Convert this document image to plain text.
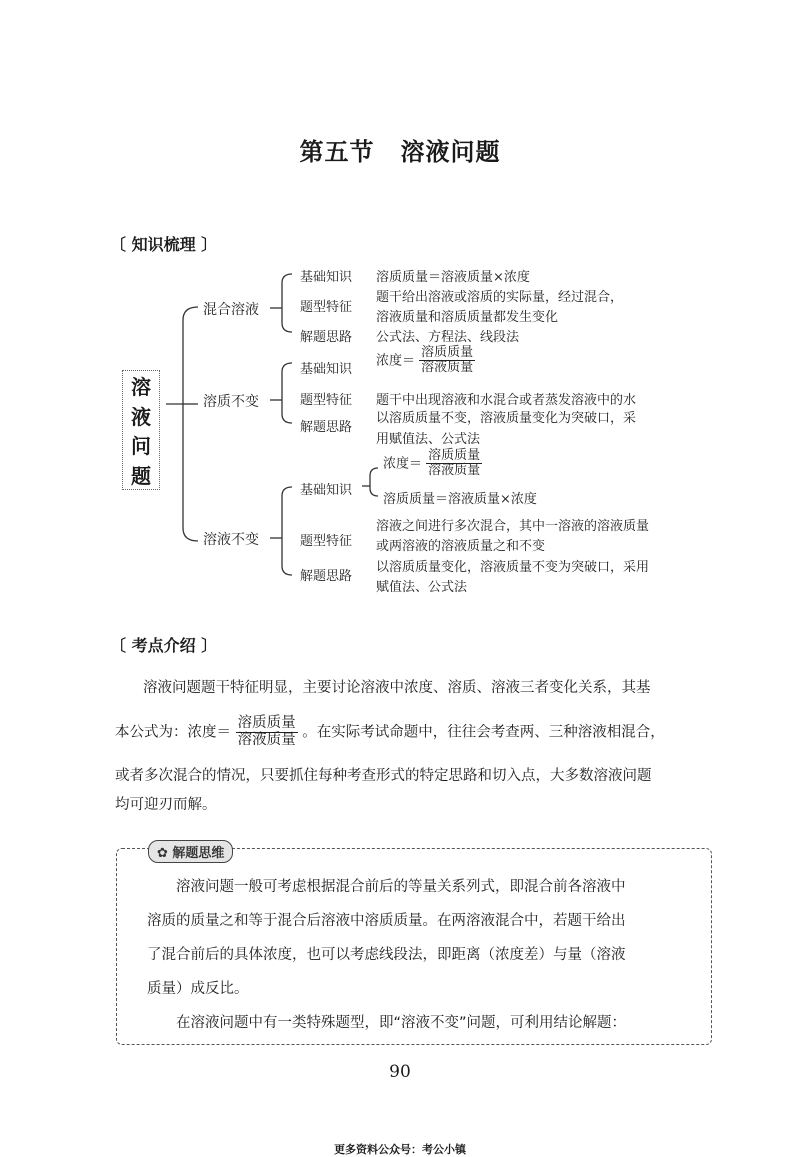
第五节 溶液问题
〔 知识梳理 〕
溶
液
问
题
混合溶液
基础知识 溶质质量＝溶液质量×浓度
题型特征
题干给出溶液或溶质的实际量，经过混合，
溶液质量和溶质质量都发生变化
解题思路 公式法、方程法、线段法
溶质不变
基础知识
浓度＝ $\frac{\text{溶质质量}}{\text{溶液质量}}$
题型特征 题干中出现溶液和水混合或者蒸发溶液中的水
解题思路
以溶质质量不变，溶液质量变化为突破口，采
用赋值法、公式法
溶液不变
基础知识
浓度＝ $\frac{\text{溶质质量}}{\text{溶液质量}}$
溶质质量＝溶液质量×浓度
题型特征
溶液之间进行多次混合，其中一溶液的溶液质量
或两溶液的溶液质量之和不变
解题思路
以溶质质量变化，溶液质量不变为突破口，采用
赋值法、公式法
〔 考点介绍 〕
溶液问题题干特征明显，主要讨论溶液中浓度、溶质、溶液三者变化关系，其基
本公式为：浓度＝ $\frac{\text{溶质质量}}{\text{溶液质量}}$ 。在实际考试命题中，往往会考查两、三种溶液相混合，
或者多次混合的情况，只要抓住每种考查形式的特定思路和切入点，大多数溶液问题
均可迎刃而解。
✿ 解题思维
溶液问题一般可考虑根据混合前后的等量关系列式，即混合前各溶液中
溶质的质量之和等于混合后溶液中溶质质量。在两溶液混合中，若题干给出
了混合前后的具体浓度，也可以考虑线段法，即距离（浓度差）与量（溶液
质量）成反比。
在溶液问题中有一类特殊题型，即“溶液不变”问题，可利用结论解题：
90
更多资料公众号：考公小镇
